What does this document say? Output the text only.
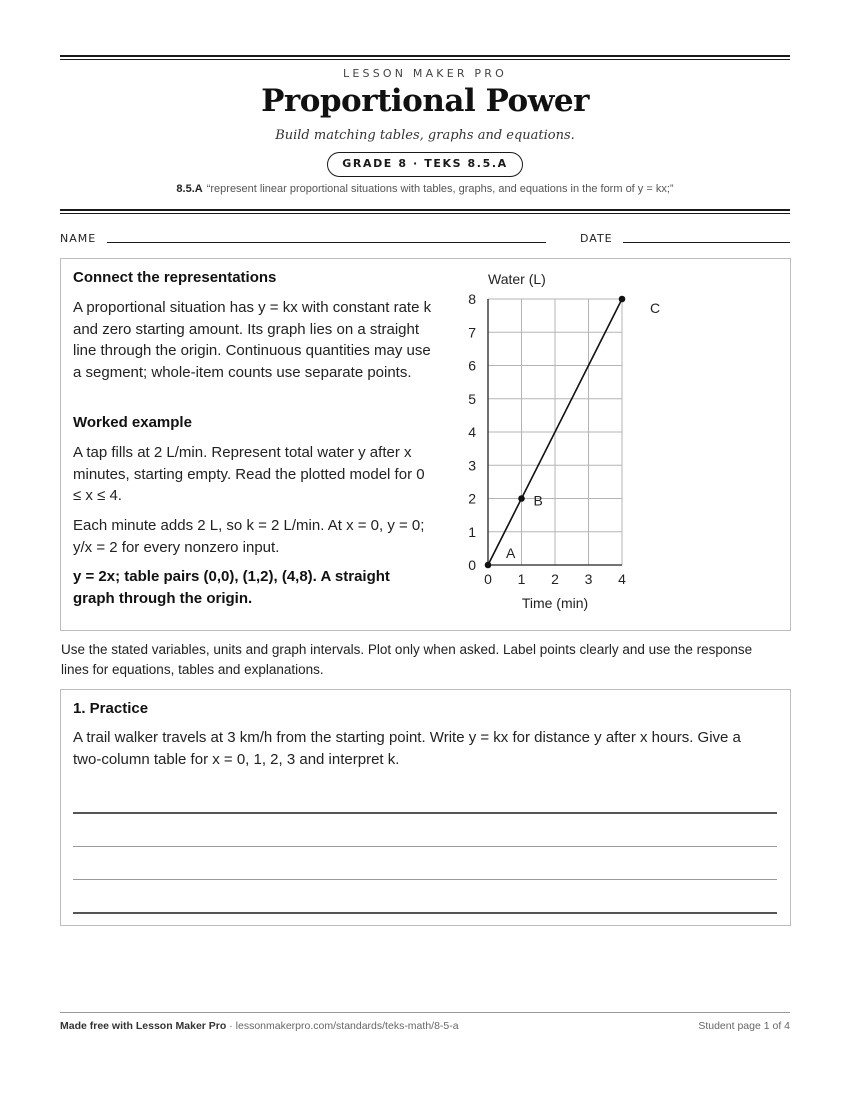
LESSON MAKER PRO
Proportional Power
Build matching tables, graphs and equations.
GRADE 8 · TEKS 8.5.A
8.5.A “represent linear proportional situations with tables, graphs, and equations in the form of y = kx;”
NAME	DATE
Connect the representations
A proportional situation has y = kx with constant rate k and zero starting amount. Its graph lies on a straight line through the origin. Continuous quantities may use a segment; whole-item counts use separate points.
Worked example
A tap fills at 2 L/min. Represent total water y after x minutes, starting empty. Read the plotted model for 0 ≤ x ≤ 4.
Each minute adds 2 L, so k = 2 L/min. At x = 0, y = 0; y/x = 2 for every nonzero input.
y = 2x; table pairs (0,0), (1,2), (4,8). A straight graph through the origin.
0 1 2 3 4
0
1
2
3
4
5
6
7
8
Water (L)
Time (min)
A
B
C
Use the stated variables, units and graph intervals. Plot only when asked. Label points clearly and use the response lines for equations, tables and explanations.
1. Practice
A trail walker travels at 3 km/h from the starting point. Write y = kx for distance y after x hours. Give a two-column table for x = 0, 1, 2, 3 and interpret k.
Made free with Lesson Maker Pro · lessonmakerpro.com/standards/teks-math/8-5-a	Student page 1 of 4
